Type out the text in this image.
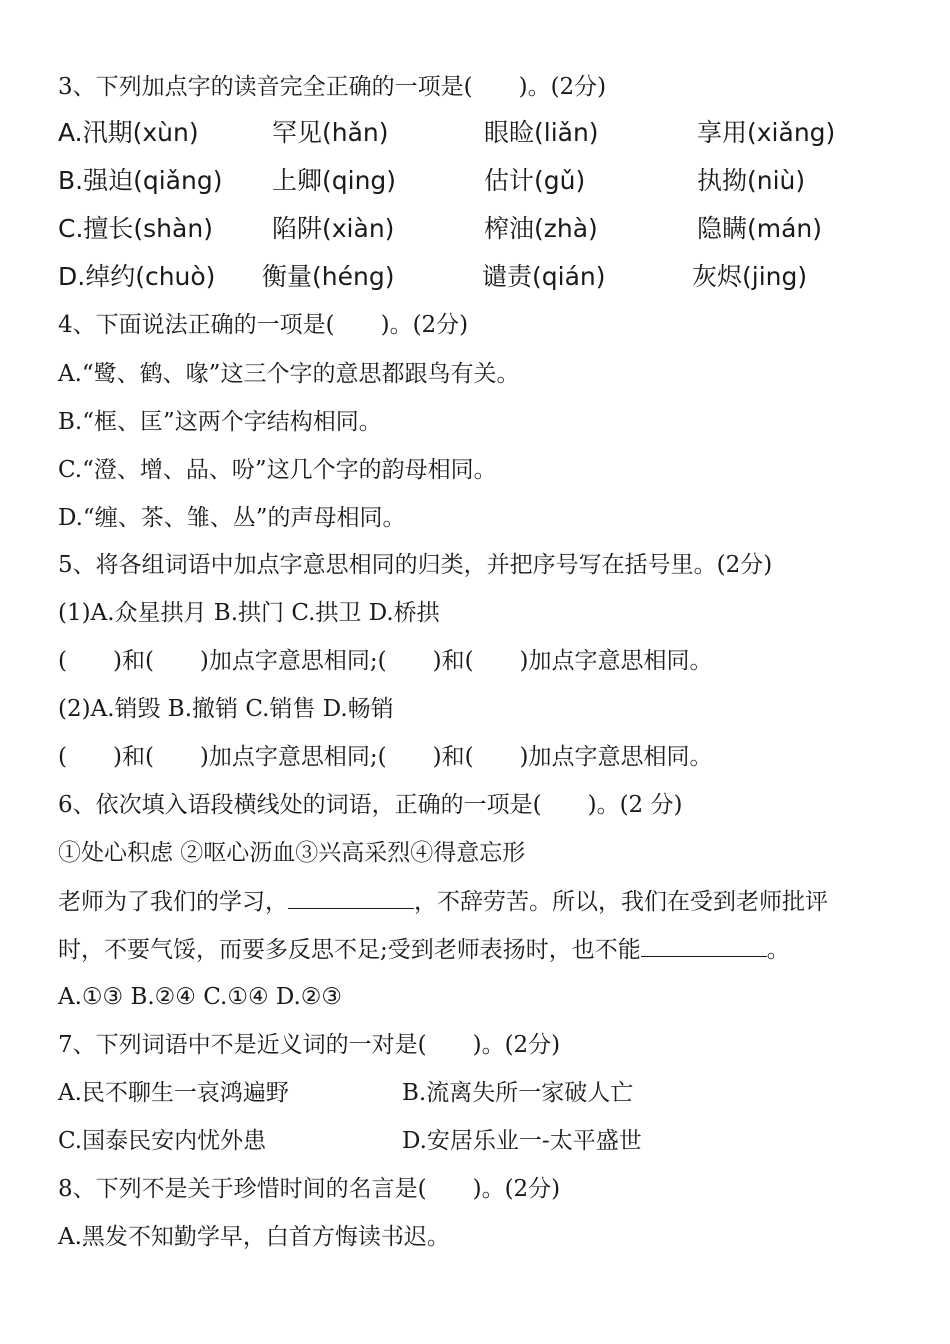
3、下列加点字的读音完全正确的一项是(　　)。(2分)
A.汛期(xùn)	罕见(hǎn)	眼睑(liǎn)	享用(xiǎng)
B.强迫(qiǎng) 上卿(qing)	估计(gǔ)	执拗(niù)
C.擅长(shàn) 陷阱(xiàn)	榨油(zhà)	隐瞒(mán)
D.绰约(chuò) 衡量(héng)	谴责(qián)	灰烬(jing)
4、下面说法正确的一项是(　　)。(2分)
A.“鹭、鹤、喙”这三个字的意思都跟鸟有关。
B.“框、匡”这两个字结构相同。
C.“澄、增、品、吩”这几个字的韵母相同。
D.“缠、茶、雏、丛”的声母相同。
5、将各组词语中加点字意思相同的归类，并把序号写在括号里。(2分)
(1)A.众星拱月 B.拱门 C.拱卫 D.桥拱
(　　)和(　　)加点字意思相同;(　　)和(　　)加点字意思相同。
(2)A.销毁 B.撤销 C.销售 D.畅销
(　　)和(　　)加点字意思相同;(　　)和(　　)加点字意思相同。
6、依次填入语段横线处的词语，正确的一项是(　　)。(2 分)
①处心积虑 ②呕心沥血③兴高采烈④得意忘形
老师为了我们的学习，	，不辞劳苦。所以，我们在受到老师批评
时，不要气馁，而要多反思不足;受到老师表扬时，也不能	。
A.①③ B.②④ C.①④ D.②③
7、下列词语中不是近义词的一对是(　　)。(2分)
A.民不聊生一哀鸿遍野	B.流离失所一家破人亡
C.国泰民安内忧外患	D.安居乐业一-太平盛世
8、下列不是关于珍惜时间的名言是(　　)。(2分)
A.黑发不知勤学早，白首方悔读书迟。
